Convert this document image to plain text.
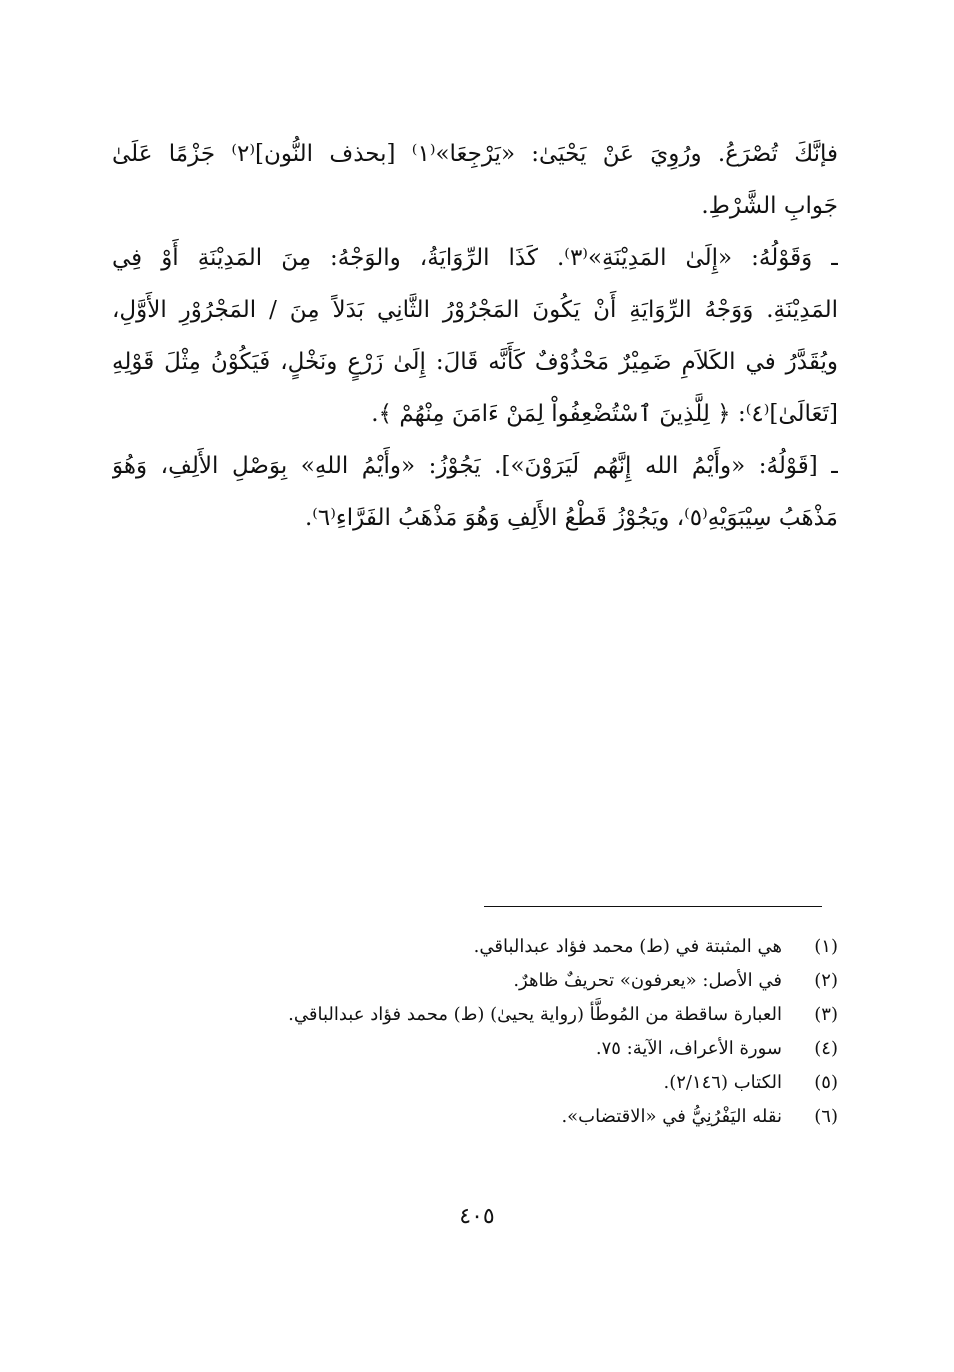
فإنَّكَ تُصْرَعُ. ورُوِيَ عَنْ يَحْيَىٰ: «يَرْجِعَا»⁽١⁾ [بحذف النُّون]⁽٢⁾ جَزْمًا عَلَىٰ
جَوابِ الشَّرْطِ.
ـ وَقَوْلُهُ: «إِلَىٰ المَدِيْنَةِ»⁽٣⁾. كَذَا الرِّوَايَةُ، والوَجْهُ: مِنَ المَدِيْنَةِ أَوْ فِي
المَدِيْنَةِ. وَوَجْهُ الرِّوَايَةِ أَنْ يَكُونَ المَجْرُوْرُ الثَّانِي بَدَلاً مِنَ / المَجْرُوْرِ الأَوَّلِ،
ويُقَدَّرُ في الكَلاَمِ ضَمِيْرٌ مَحْذُوْفٌ كَأَنَّه قَالَ: إِلَىٰ زَرْعٍ ونَخْلٍ، فَيَكُوْنُ مِثْلَ قَوْلِهِ
[تَعَالَىٰ]⁽٤⁾: ﴿ لِلَّذِينَ ٱسْتُضْعِفُواْ لِمَنْ ءَامَنَ مِنْهُمْ ﴾.
ـ [قَوْلُهُ: «وأَيْمُ الله إِنَّهُم لَيَرَوْنَ»]. يَجُوْزُ: «وأَيْمُ اللهِ» بِوَصْلِ الأَلِفِ، وَهُوَ
مَذْهَبُ سِيْبَوَيْهِ⁽٥⁾، ويَجُوْزُ قَطْعُ الأَلِفِ وَهُوَ مَذْهَبُ الفَرَّاءِ⁽٦⁾.
(١)
هي المثبتة في (ط) محمد فؤاد عبدالباقي.
(٢)
في الأصل: «يعرفون» تحريفٌ ظاهرٌ.
(٣)
العبارة ساقطة من المُوطَّأ (رواية يحيىٰ) (ط) محمد فؤاد عبدالباقي.
(٤)
سورة الأعراف، الآية: ٧٥.
(٥)
الكتاب (٢/١٤٦).
(٦)
نقله اليَفْرُنِيُّ في «الاقتضاب».
٤٠٥
